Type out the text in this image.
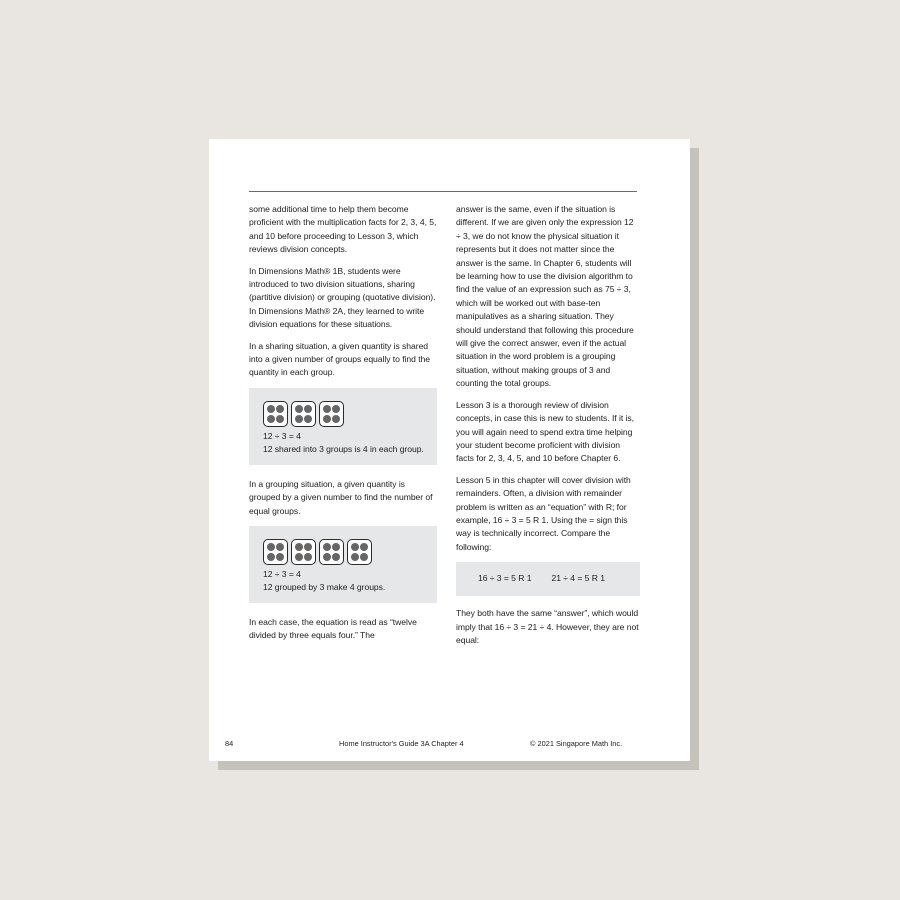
some additional time to help them become proficient with the multiplication facts for 2, 3, 4, 5, and 10 before proceeding to Lesson 3, which reviews division concepts.

In Dimensions Math® 1B, students were introduced to two division situations, sharing (partitive division) or grouping (quotative division). In Dimensions Math® 2A, they learned to write division equations for these situations.

In a sharing situation, a given quantity is shared into a given number of groups equally to find the quantity in each group.

12 ÷ 3 = 4

12 shared into 3 groups is 4 in each group.

In a grouping situation, a given quantity is grouped by a given number to find the number of equal groups.

12 ÷ 3 = 4

12 grouped by 3 make 4 groups.

In each case, the equation is read as “twelve divided by three equals four.” The

answer is the same, even if the situation is different. If we are given only the expression 12 ÷ 3, we do not know the physical situation it represents but it does not matter since the answer is the same. In Chapter 6, students will be learning how to use the division algorithm to find the value of an expression such as 75 ÷ 3, which will be worked out with base-ten manipulatives as a sharing situation. They should understand that following this procedure will give the correct answer, even if the actual situation in the word problem is a grouping situation, without making groups of 3 and counting the total groups.

Lesson 3 is a thorough review of division concepts, in case this is new to students. If it is, you will again need to spend extra time helping your student become proficient with division facts for 2, 3, 4, 5, and 10 before Chapter 6.

Lesson 5 in this chapter will cover division with remainders. Often, a division with remainder problem is written as an “equation” with R; for example, 16 ÷ 3 = 5 R 1. Using the = sign this way is technically incorrect. Compare the following:

16 ÷ 3 = 5 R 1 21 ÷ 4 = 5 R 1

They both have the same “answer”, which would imply that 16 ÷ 3 = 21 ÷ 4. However, they are not equal:

84	Home Instructor's Guide 3A Chapter 4	© 2021 Singapore Math Inc.
